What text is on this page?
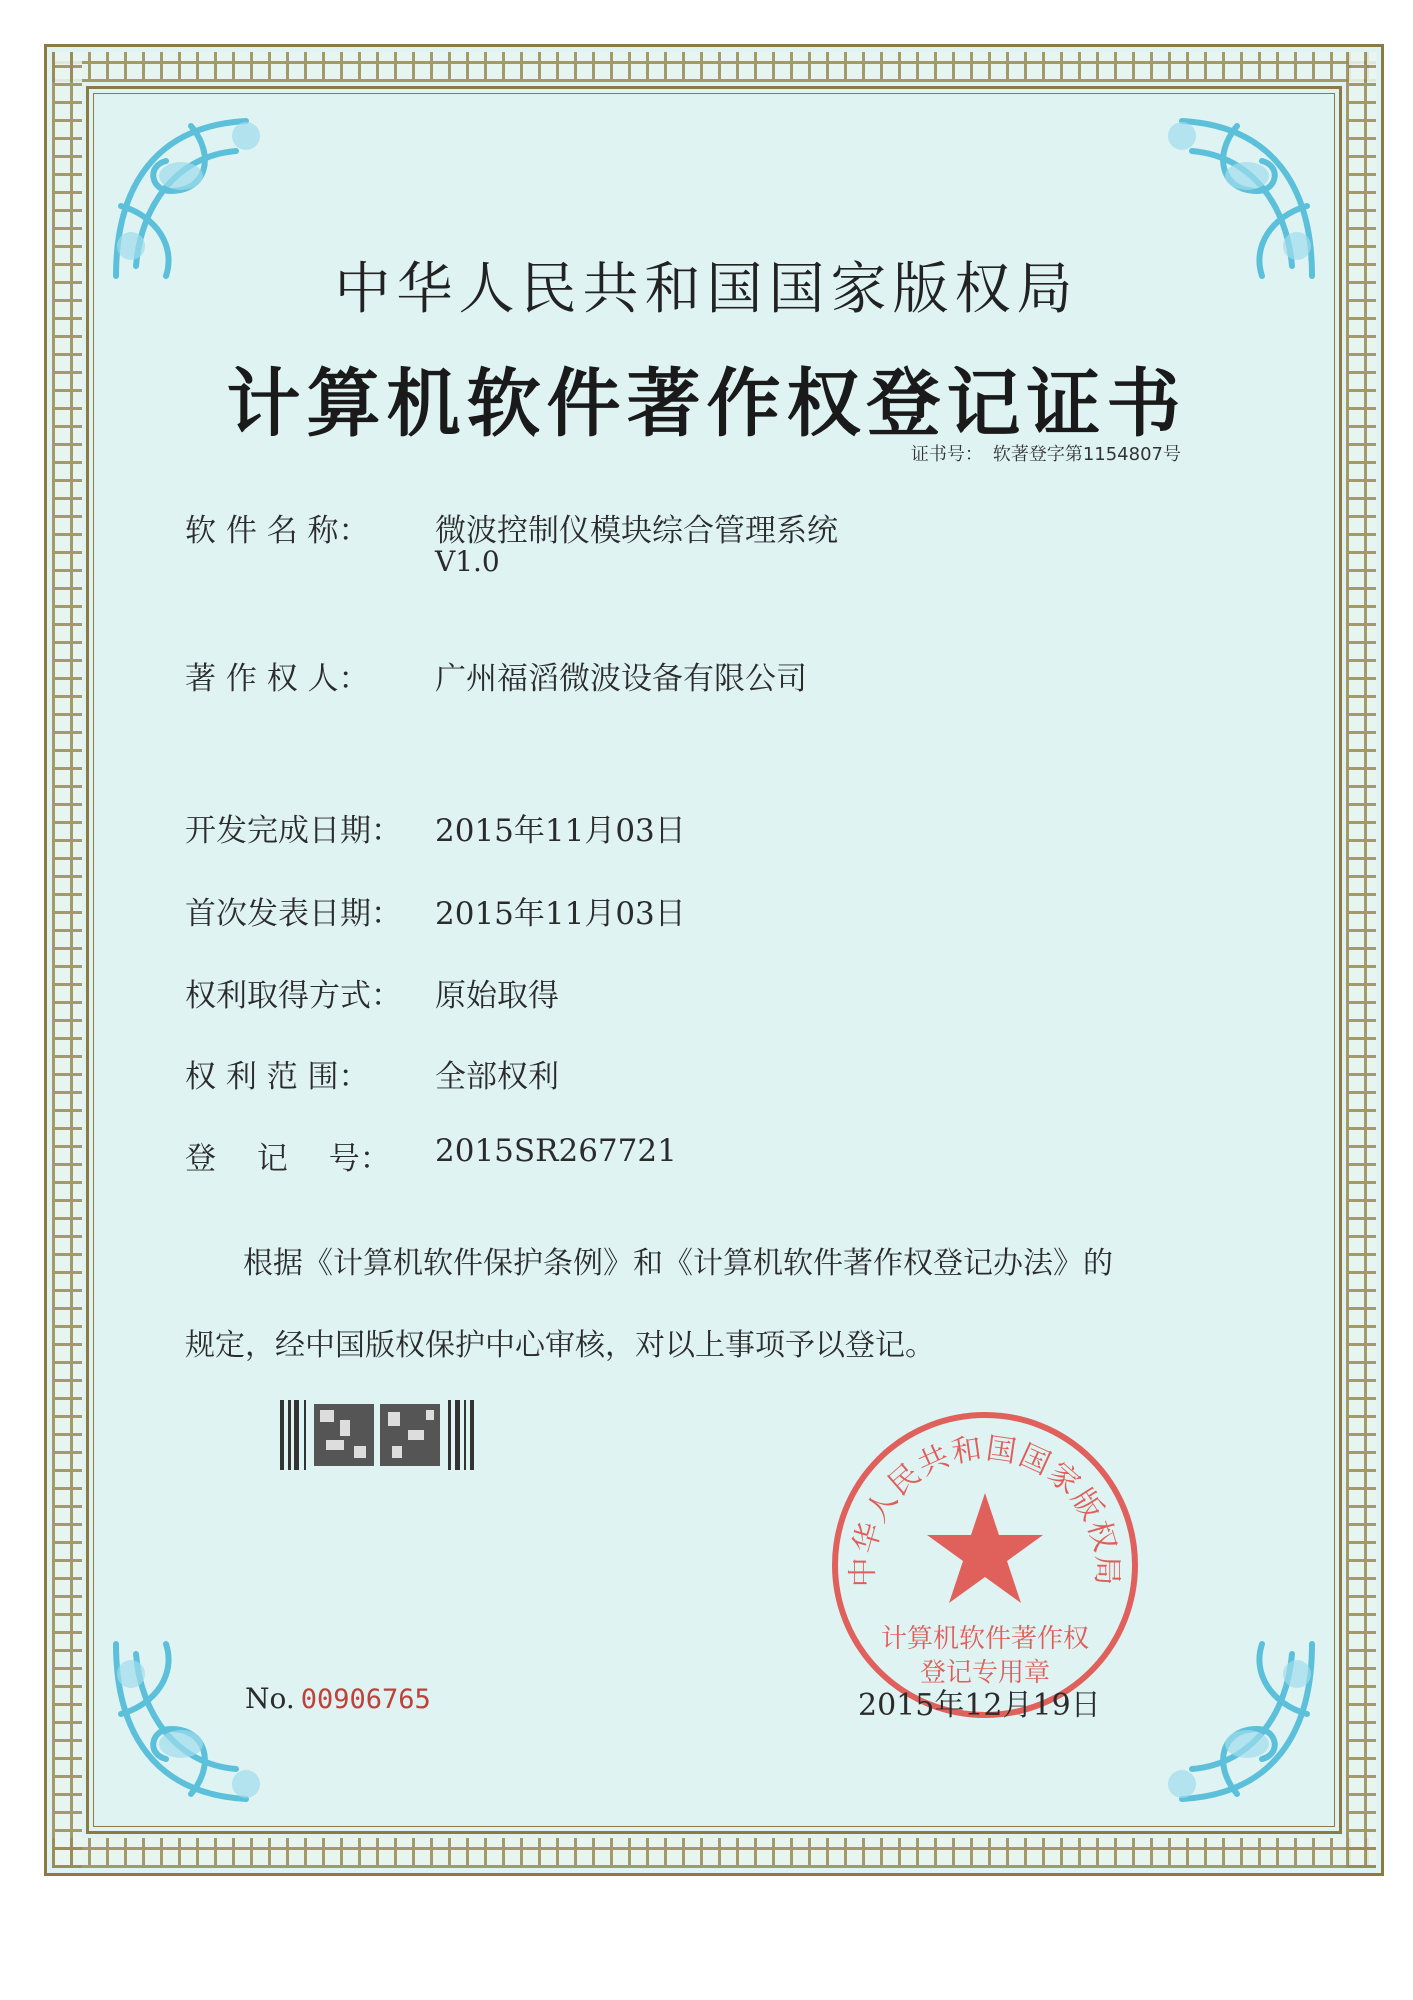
中华人民共和国国家版权局
计算机软件著作权登记证书
证书号： 软著登字第1154807号
软 件 名 称： 微波控制仪模块综合管理系统
V1.0
著 作 权 人： 广州福滔微波设备有限公司
开发完成日期： 2015年11月03日
首次发表日期： 2015年11月03日
权利取得方式： 原始取得
权 利 范 围： 全部权利
登　 记　 号： 2015SR267721
根据《计算机软件保护条例》和《计算机软件著作权登记办法》的
规定，经中国版权保护中心审核，对以上事项予以登记。
No. 00906765
中华人民共和国国家版权局
计算机软件著作权
登记专用章
2015年12月19日
